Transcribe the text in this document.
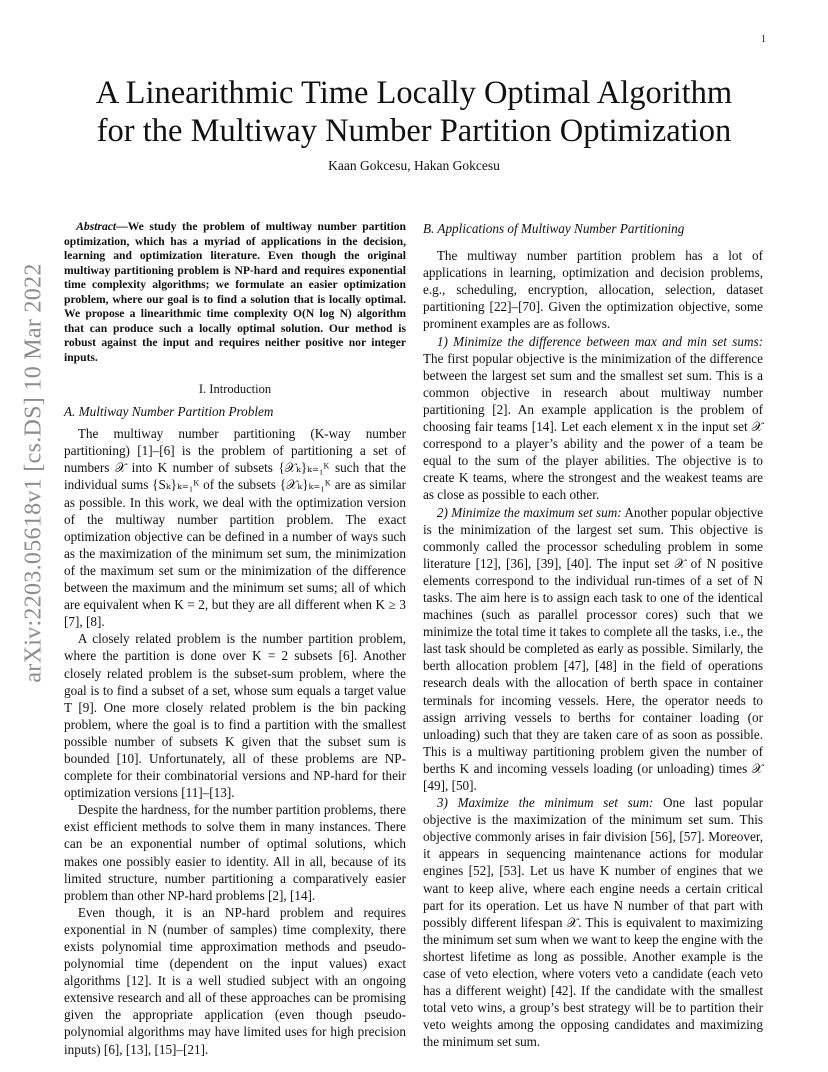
1
arXiv:2203.05618v1 [cs.DS] 10 Mar 2022
A Linearithmic Time Locally Optimal Algorithm
for the Multiway Number Partition Optimization
Kaan Gokcesu, Hakan Gokcesu

Abstract—We study the problem of multiway number partition optimization, which has a myriad of applications in the decision, learning and optimization literature. Even though the original multiway partitioning problem is NP-hard and requires exponential time complexity algorithms; we formulate an easier optimization problem, where our goal is to find a solution that is locally optimal. We propose a linearithmic time complexity O(N log N) algorithm that can produce such a locally optimal solution. Our method is robust against the input and requires neither positive nor integer inputs.

I. Introduction
A. Multiway Number Partition Problem

The multiway number partitioning (K-way number partitioning) [1]–[6] is the problem of partitioning a set of numbers 𝒳 into K number of subsets {𝒳ₖ}ₖ₌₁ᴷ such that the individual sums {Sₖ}ₖ₌₁ᴷ of the subsets {𝒳ₖ}ₖ₌₁ᴷ are as similar as possible. In this work, we deal with the optimization version of the multiway number partition problem. The exact optimization objective can be defined in a number of ways such as the maximization of the minimum set sum, the minimization of the maximum set sum or the minimization of the difference between the maximum and the minimum set sums; all of which are equivalent when K = 2, but they are all different when K ≥ 3 [7], [8].

A closely related problem is the number partition problem, where the partition is done over K = 2 subsets [6]. Another closely related problem is the subset-sum problem, where the goal is to find a subset of a set, whose sum equals a target value T [9]. One more closely related problem is the bin packing problem, where the goal is to find a partition with the smallest possible number of subsets K given that the subset sum is bounded [10]. Unfortunately, all of these problems are NP-complete for their combinatorial versions and NP-hard for their optimization versions [11]–[13].

Despite the hardness, for the number partition problems, there exist efficient methods to solve them in many instances. There can be an exponential number of optimal solutions, which makes one possibly easier to identity. All in all, because of its limited structure, number partitioning a comparatively easier problem than other NP-hard problems [2], [14].

Even though, it is an NP-hard problem and requires exponential in N (number of samples) time complexity, there exists polynomial time approximation methods and pseudo-polynomial time (dependent on the input values) exact algorithms [12]. It is a well studied subject with an ongoing extensive research and all of these approaches can be promising given the appropriate application (even though pseudo-polynomial algorithms may have limited uses for high precision inputs) [6], [13], [15]–[21].

B. Applications of Multiway Number Partitioning

The multiway number partition problem has a lot of applications in learning, optimization and decision problems, e.g., scheduling, encryption, allocation, selection, dataset partitioning [22]–[70]. Given the optimization objective, some prominent examples are as follows.

1) Minimize the difference between max and min set sums: The first popular objective is the minimization of the difference between the largest set sum and the smallest set sum. This is a common objective in research about multiway number partitioning [2]. An example application is the problem of choosing fair teams [14]. Let each element x in the input set 𝒳 correspond to a player’s ability and the power of a team be equal to the sum of the player abilities. The objective is to create K teams, where the strongest and the weakest teams are as close as possible to each other.

2) Minimize the maximum set sum: Another popular objective is the minimization of the largest set sum. This objective is commonly called the processor scheduling problem in some literature [12], [36], [39], [40]. The input set 𝒳 of N positive elements correspond to the individual run-times of a set of N tasks. The aim here is to assign each task to one of the identical machines (such as parallel processor cores) such that we minimize the total time it takes to complete all the tasks, i.e., the last task should be completed as early as possible. Similarly, the berth allocation problem [47], [48] in the field of operations research deals with the allocation of berth space in container terminals for incoming vessels. Here, the operator needs to assign arriving vessels to berths for container loading (or unloading) such that they are taken care of as soon as possible. This is a multiway partitioning problem given the number of berths K and incoming vessels loading (or unloading) times 𝒳 [49], [50].

3) Maximize the minimum set sum: One last popular objective is the maximization of the minimum set sum. This objective commonly arises in fair division [56], [57]. Moreover, it appears in sequencing maintenance actions for modular engines [52], [53]. Let us have K number of engines that we want to keep alive, where each engine needs a certain critical part for its operation. Let us have N number of that part with possibly different lifespan 𝒳. This is equivalent to maximizing the minimum set sum when we want to keep the engine with the shortest lifetime as long as possible. Another example is the case of veto election, where voters veto a candidate (each veto has a different weight) [42]. If the candidate with the smallest total veto wins, a group’s best strategy will be to partition their veto weights among the opposing candidates and maximizing the minimum set sum.
